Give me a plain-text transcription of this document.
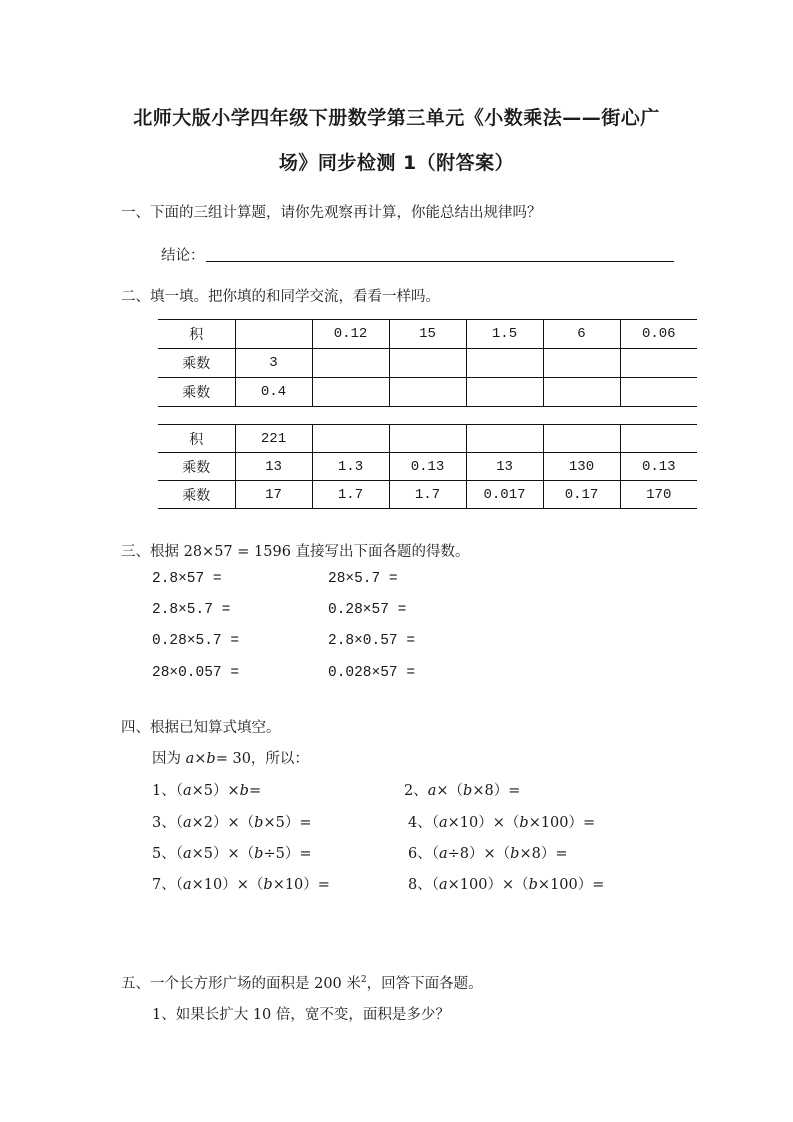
北师大版小学四年级下册数学第三单元《小数乘法——街心广
场》同步检测 1（附答案）
一、下面的三组计算题，请你先观察再计算，你能总结出规律吗？
结论：
二、填一填。把你填的和同学交流，看看一样吗。
积		0.12	15	1.5	6	0.06
乘数	3					
乘数	0.4					
积	221					
乘数	13	1.3	0.13	13	130	0.13
乘数	17	1.7	1.7	0.017	0.17	170
三、根据 28×57 = 1596 直接写出下面各题的得数。
2.8×57 =	28×5.7 =
2.8×5.7 =	0.28×57 =
0.28×5.7 =	2.8×0.57 =
28×0.057 =	0.028×57 =
四、根据已知算式填空。
因为 a×b= 30，所以：
1、（a×5）×b=	2、a×（b×8）=
3、（a×2）×（b×5）=	4、（a×10）×（b×100）=
5、（a×5）×（b÷5）=	6、（a÷8）×（b×8）=
7、（a×10）×（b×10）=	8、（a×100）×（b×100）=
五、一个长方形广场的面积是 200 米$^2$，回答下面各题。
1、如果长扩大 10 倍，宽不变，面积是多少？
